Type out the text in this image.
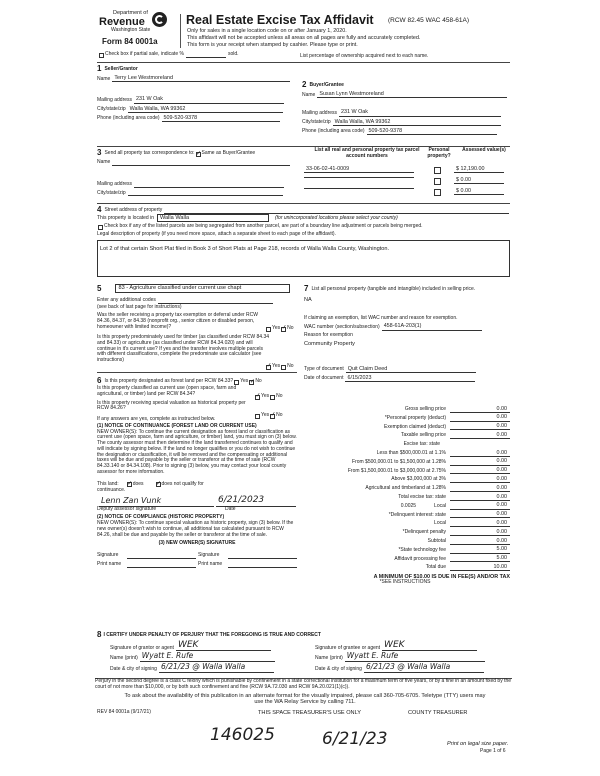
Department of
Revenue
Washington State
Form 84 0001a
Real Estate Excise Tax Affidavit (RCW 82.45 WAC 458-61A)
Only for sales in a single location code on or after January 1, 2020.
This affidavit will not be accepted unless all areas on all pages are fully and accurately completed.
This form is your receipt when stamped by cashier. Please type or print.
Check box if partial sale, indicate %	sold.	List percentage of ownership acquired next to each name.
1 Seller/Grantor
Name Terry Lee Westmoreland
Mailing address 231 W Oak
City/state/zip Walla Walla, WA 99362
Phone (including area code) 509-520-9378
2 Buyer/Grantee
Name Susan Lynn Westmoreland
Mailing address 231 W Oak
City/state/zip Walla Walla, WA 99362
Phone (including area code) 509-520-9378
3 Send all property tax correspondence to: ✓ Same as Buyer/Grantee
Name
Mailing address
City/state/zip
List all real and personal property tax parcel account numbers
Personal property?
Assessed value(s)
33-06-02-41-0009	$ 12,190.00
$ 0.00
$ 0.00
4 Street address of property
This property is located in	Walla Walla	(for unincorporated locations please select your county)
Check box if any of the listed parcels are being segregated from another parcel, are part of a boundary line adjustment or parcels being merged.
Legal description of property (if you need more space, attach a separate sheet to each page of the affidavit).
Lot 2 of that certain Short Plat filed in Book 3 of Short Plats at Page 218, records of Walla Walla County, Washington.
5	83 - Agriculture classified under current use chapt
Enter any additional codes
(see back of last page for instructions)
Was the seller receiving a property tax exemption or deferral under RCW 84.36, 84.37, or 84.38 (nonprofit org., senior citizen or disabled person, homeowner with limited income)?	Yes ✓ No
Is this property predominately used for timber (as classified under RCW 84.34 and 84.33) or agriculture (as classified under RCW 84.34.020) and will continue in it's current use? If yes and the transfer involves multiple parcels with different classifications, complete the predominate use calculator (see instructions)
✓
Yes No
6 Is this property designated as forest land per RCW 84.33? Yes ✓ No
Is this property classified as current use (open space, farm and agricultural, or timber) land per RCW 84.34? ✓	Yes No
Is this property receiving special valuation as historical property per RCW 84.26?
Yes ✓ No
If any answers are yes, complete as instructed below.
(1) NOTICE OF CONTINUANCE (FOREST LAND OR CURRENT USE)
NEW OWNER(S): To continue the current designation as forest land or classification as current use (open space, farm and agriculture, or timber) land, you must sign on (3) below. The county assessor must then determine if the land transferred continues to qualify and will indicate by signing below. If the land no longer qualifies or you do not wish to continue the designation or classification, it will be removed and the compensating or additional taxes will be due and payable by the seller or transferor at the time of sale (RCW 84.33.140 or 84.34.108). Prior to signing (3) below, you may contact your local county assessor for more information.
This land: ✓	does ✓	does not qualify for
continuance.
Lenn Zan Vunk	6/21/2023
Deputy assessor signature	Date
(2) NOTICE OF COMPLIANCE (HISTORIC PROPERTY)
NEW OWNER(S): To continue special valuation as historic property, sign (3) below. If the new owner(s) doesn't wish to continue, all additional tax calculated pursuant to RCW 84.26, shall be due and payable by the seller or transferor at the time of sale.
(3) NEW OWNER(S) SIGNATURE
Signature	Signature
Print name	Print name
7 List all personal property (tangible and intangible) included in selling price.
NA
If claiming an exemption, list WAC number and reason for exemption.
WAC number (section/subsection) 458-61A-203(1)
Reason for exemption
Community Property
Type of document Quit Claim Deed
Date of document 6/15/2023
Gross selling price	0.00
*Personal property (deduct)	0.00
Exemption claimed (deduct)	0.00
Taxable selling price	0.00
Excise tax: state
Less than $500,000.01 at 1.1%	0.00
From $500,000.01 to $1,500,000 at 1.28%	0.00
From $1,500,000.01 to $3,000,000 at 2.75%	0.00
Above $3,000,000 at 3%	0.00
Agricultural and timberland at 1.28%	0.00
Total excise tax: state	0.00
0.0025	Local	0.00
*Delinquent interest: state	0.00
Local	0.00
*Delinquent penalty	0.00
Subtotal	0.00
*State technology fee	5.00
Affidavit processing fee	5.00
Total due	10.00
A MINIMUM OF $10.00 IS DUE IN FEE(S) AND/OR TAX
*SEE INSTRUCTIONS
8 I CERTIFY UNDER PENALTY OF PERJURY THAT THE FOREGOING IS TRUE AND CORRECT
Signature of grantor or agent WEK
Name (print) Wyatt E. Rufe
Date & city of signing 6/21/23 @ Walla Walla
Signature of grantee or agent WEK
Name (print) Wyatt E. Rufe
Date & city of signing 6/21/23 @ Walla Walla
Perjury in the second degree is a class C felony which is punishable by confinement in a state correctional institution for a maximum term of five years, or by a fine in an amount fixed by the court of not more than $10,000, or by both such confinement and fine (RCW 9A.72.030 and RCW 9A.20.021(1)(c)).
To ask about the availability of this publication in an alternate format for the visually impaired, please call 360-705-6705. Teletype (TTY) users may use the WA Relay Service by calling 711.
REV 84 0001a (9/17/21)	THIS SPACE TREASURER'S USE ONLY	COUNTY TREASURER
146025	6/21/23	Print on legal size paper.
Page 1 of 6
